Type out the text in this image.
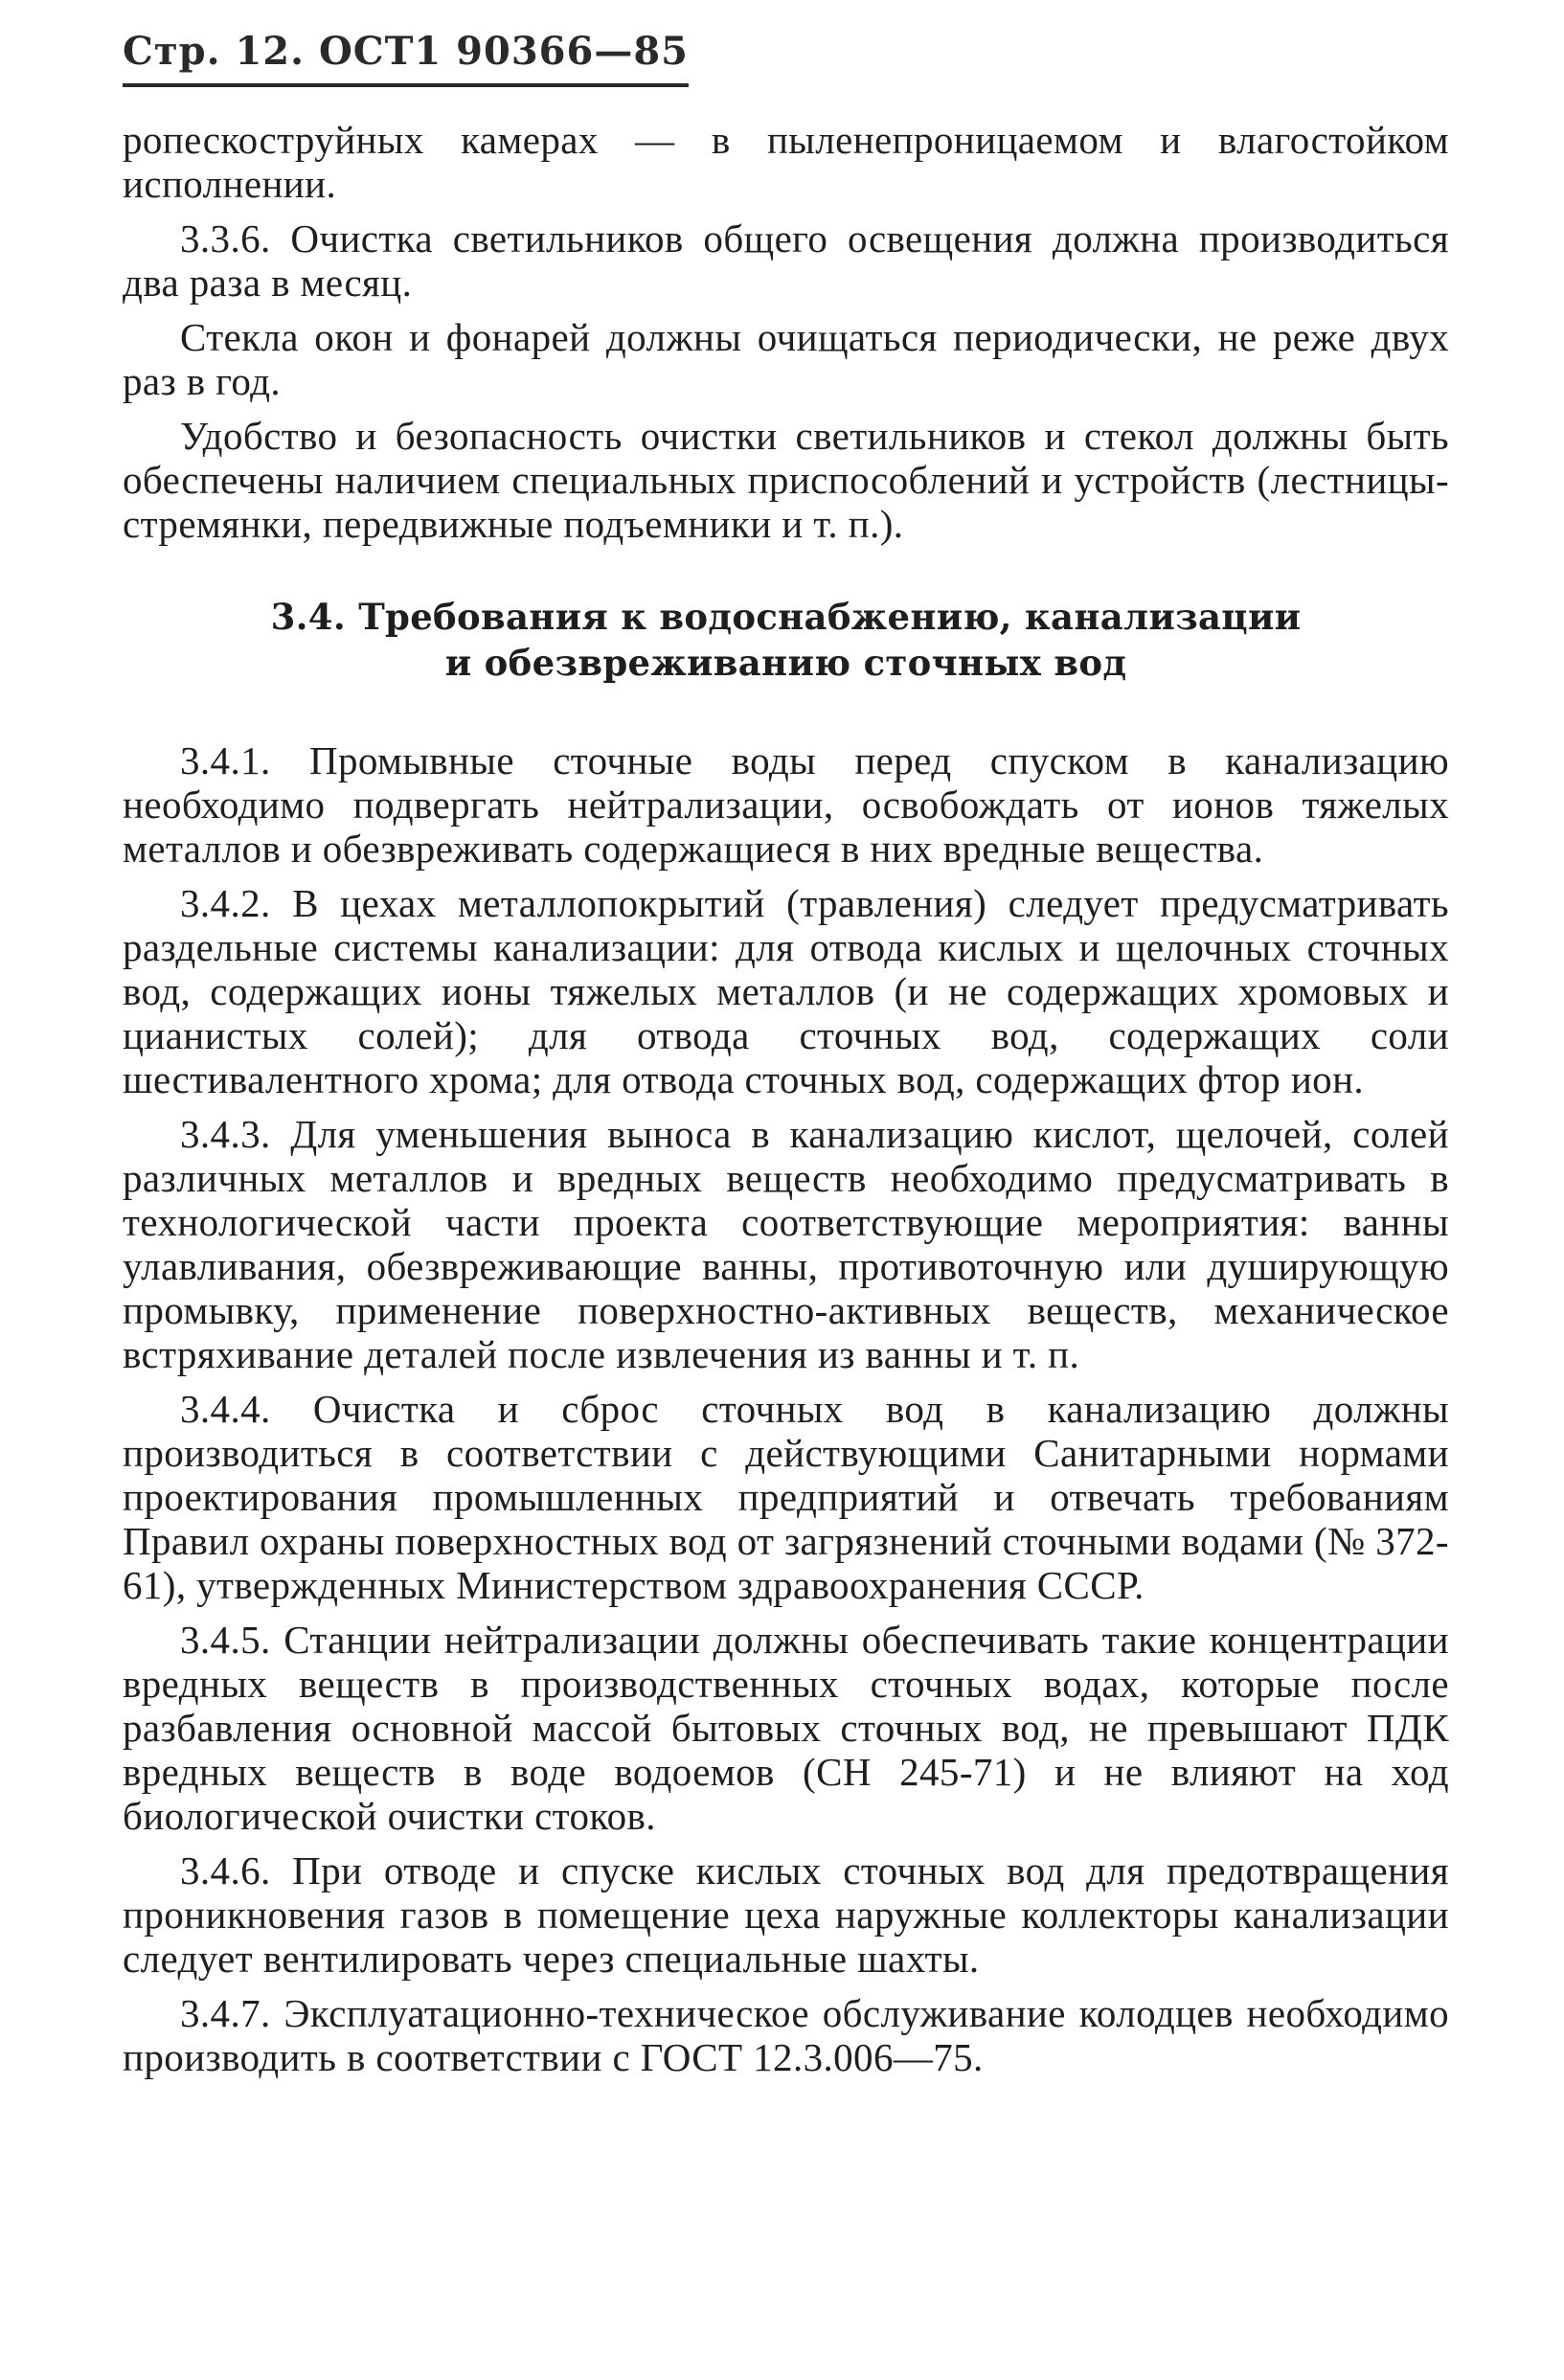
Стр. 12. ОСТ1 90366—85

ропескоструйных камерах — в пыленепроницаемом и влагостойком исполнении.

3.3.6. Очистка светильников общего освещения должна производиться два раза в месяц.

Стекла окон и фонарей должны очищаться периодически, не реже двух раз в год.

Удобство и безопасность очистки светильников и стекол должны быть обеспечены наличием специальных приспособлений и устройств (лестницы-стремянки, передвижные подъемники и т. п.).

3.4. Требования к водоснабжению, канализации
и обезвреживанию сточных вод

3.4.1. Промывные сточные воды перед спуском в канализацию необходимо подвергать нейтрализации, освобождать от ионов тяжелых металлов и обезвреживать содержащиеся в них вредные вещества.

3.4.2. В цехах металлопокрытий (травления) следует предусматривать раздельные системы канализации: для отвода кислых и щелочных сточных вод, содержащих ионы тяжелых металлов (и не содержащих хромовых и цианистых солей); для отвода сточных вод, содержащих соли шестивалентного хрома; для отвода сточных вод, содержащих фтор ион.

3.4.3. Для уменьшения выноса в канализацию кислот, щелочей, солей различных металлов и вредных веществ необходимо предусматривать в технологической части проекта соответствующие мероприятия: ванны улавливания, обезвреживающие ванны, противоточную или душирующую промывку, применение поверхностно-активных веществ, механическое встряхивание деталей после извлечения из ванны и т. п.

3.4.4. Очистка и сброс сточных вод в канализацию должны производиться в соответствии с действующими Санитарными нормами проектирования промышленных предприятий и отвечать требованиям Правил охраны поверхностных вод от загрязнений сточными водами (№ 372-61), утвержденных Министерством здравоохранения СССР.

3.4.5. Станции нейтрализации должны обеспечивать такие концентрации вредных веществ в производственных сточных водах, которые после разбавления основной массой бытовых сточных вод, не превышают ПДК вредных веществ в воде водоемов (СН 245-71) и не влияют на ход биологической очистки стоков.

3.4.6. При отводе и спуске кислых сточных вод для предотвращения проникновения газов в помещение цеха наружные коллекторы канализации следует вентилировать через специальные шахты.

3.4.7. Эксплуатационно-техническое обслуживание колодцев необходимо производить в соответствии с ГОСТ 12.3.006—75.
